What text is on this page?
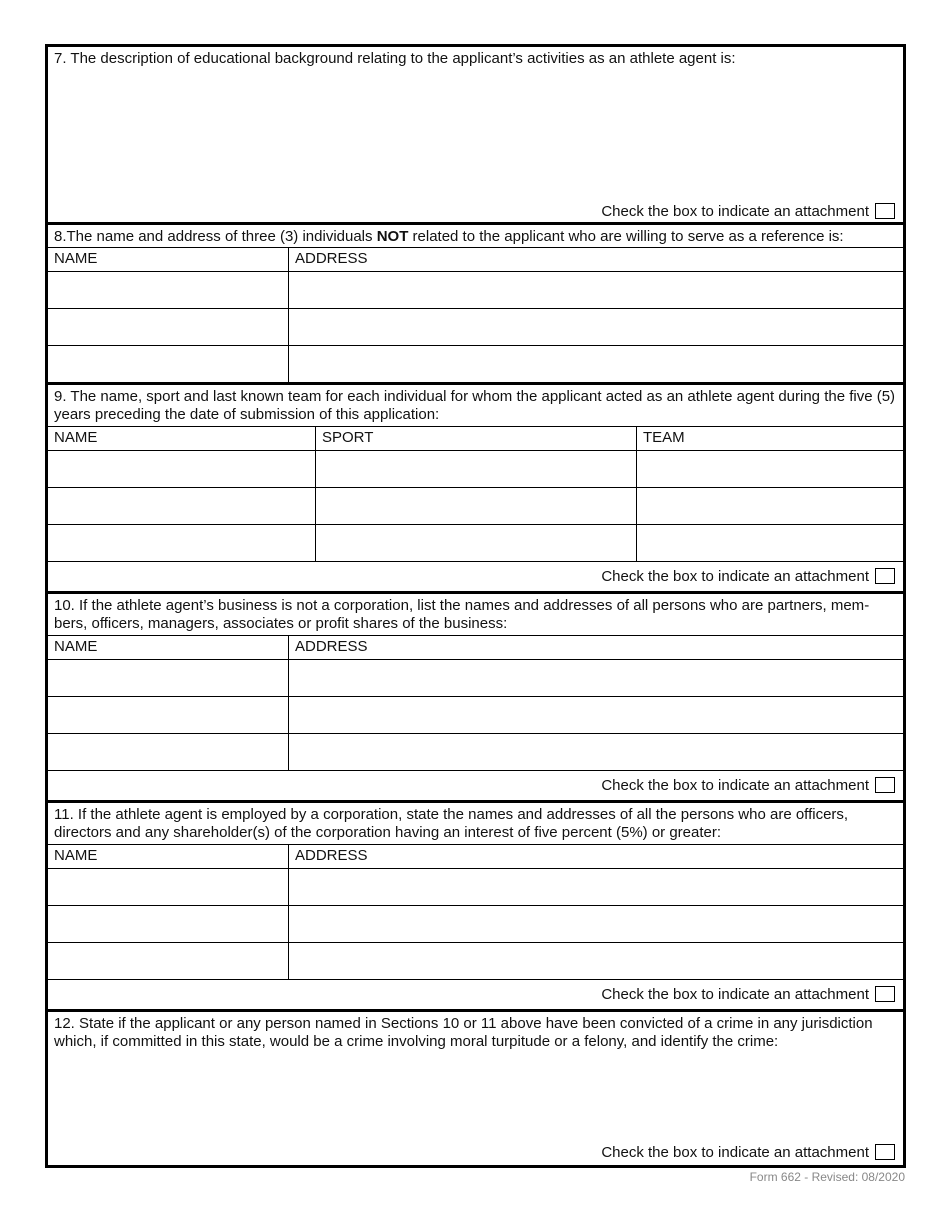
7. The description of educational background relating to the applicant’s activities as an athlete agent is:
Check the box to indicate an attachment
8.The name and address of three (3) individuals NOT related to the applicant who are willing to serve as a reference is:
NAME	ADDRESS
9. The name, sport and last known team for each individual for whom the applicant acted as an athlete agent during the five (5) years preceding the date of submission of this application:
NAME	SPORT	TEAM
Check the box to indicate an attachment
10. If the athlete agent’s business is not a corporation, list the names and addresses of all persons who are partners, members, officers, managers, associates or profit shares of the business:
NAME	ADDRESS
Check the box to indicate an attachment
11. If the athlete agent is employed by a corporation, state the names and addresses of all the persons who are officers, directors and any shareholder(s) of the corporation having an interest of five percent (5%) or greater:
NAME	ADDRESS
Check the box to indicate an attachment
12. State if the applicant or any person named in Sections 10 or 11 above have been convicted of a crime in any jurisdiction which, if committed in this state, would be a crime involving moral turpitude or a felony, and identify the crime:
Check the box to indicate an attachment
Form 662 - Revised: 08/2020
